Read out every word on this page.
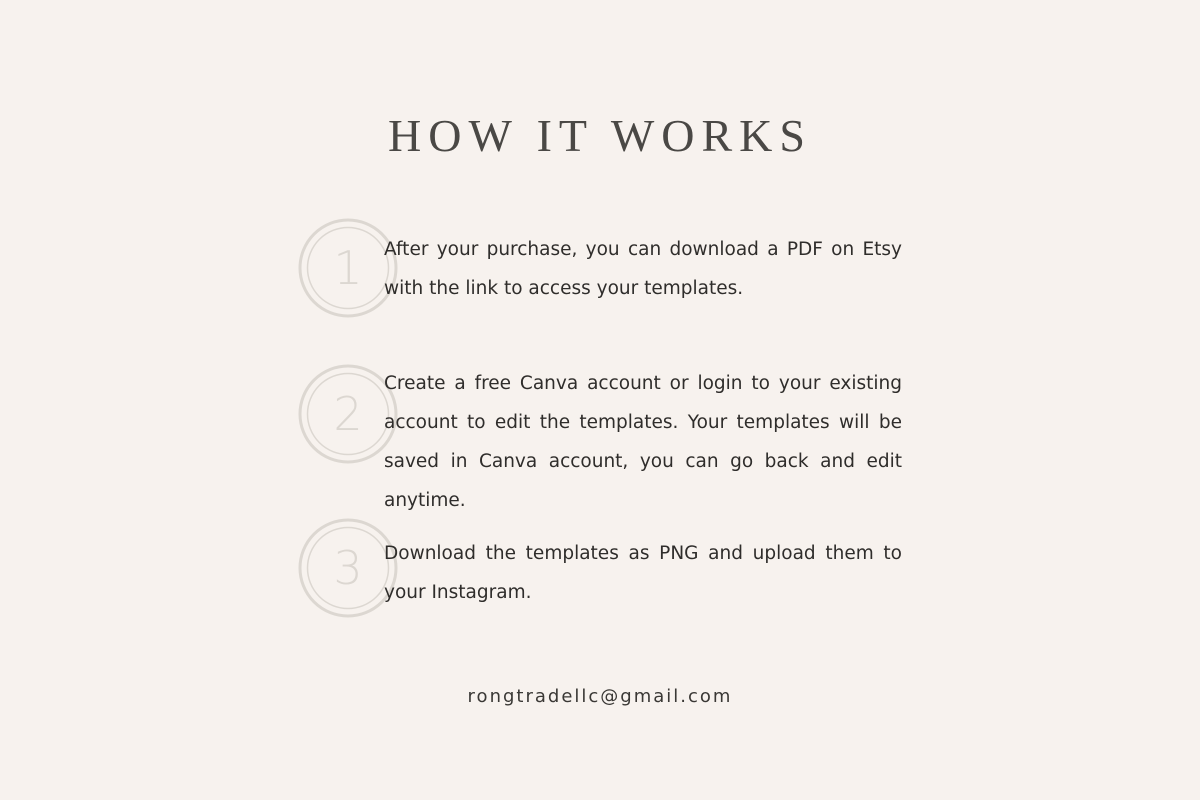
HOW IT WORKS
1	After your purchase, you can download a PDF on Etsy with the link to access your templates.

2

Create a free Canva account or login to your existing account to edit the templates. Your templates will be saved in Canva account, you can go back and edit anytime.

3	Download the templates as PNG and upload them to your Instagram.

rongtradellc@gmail.com
